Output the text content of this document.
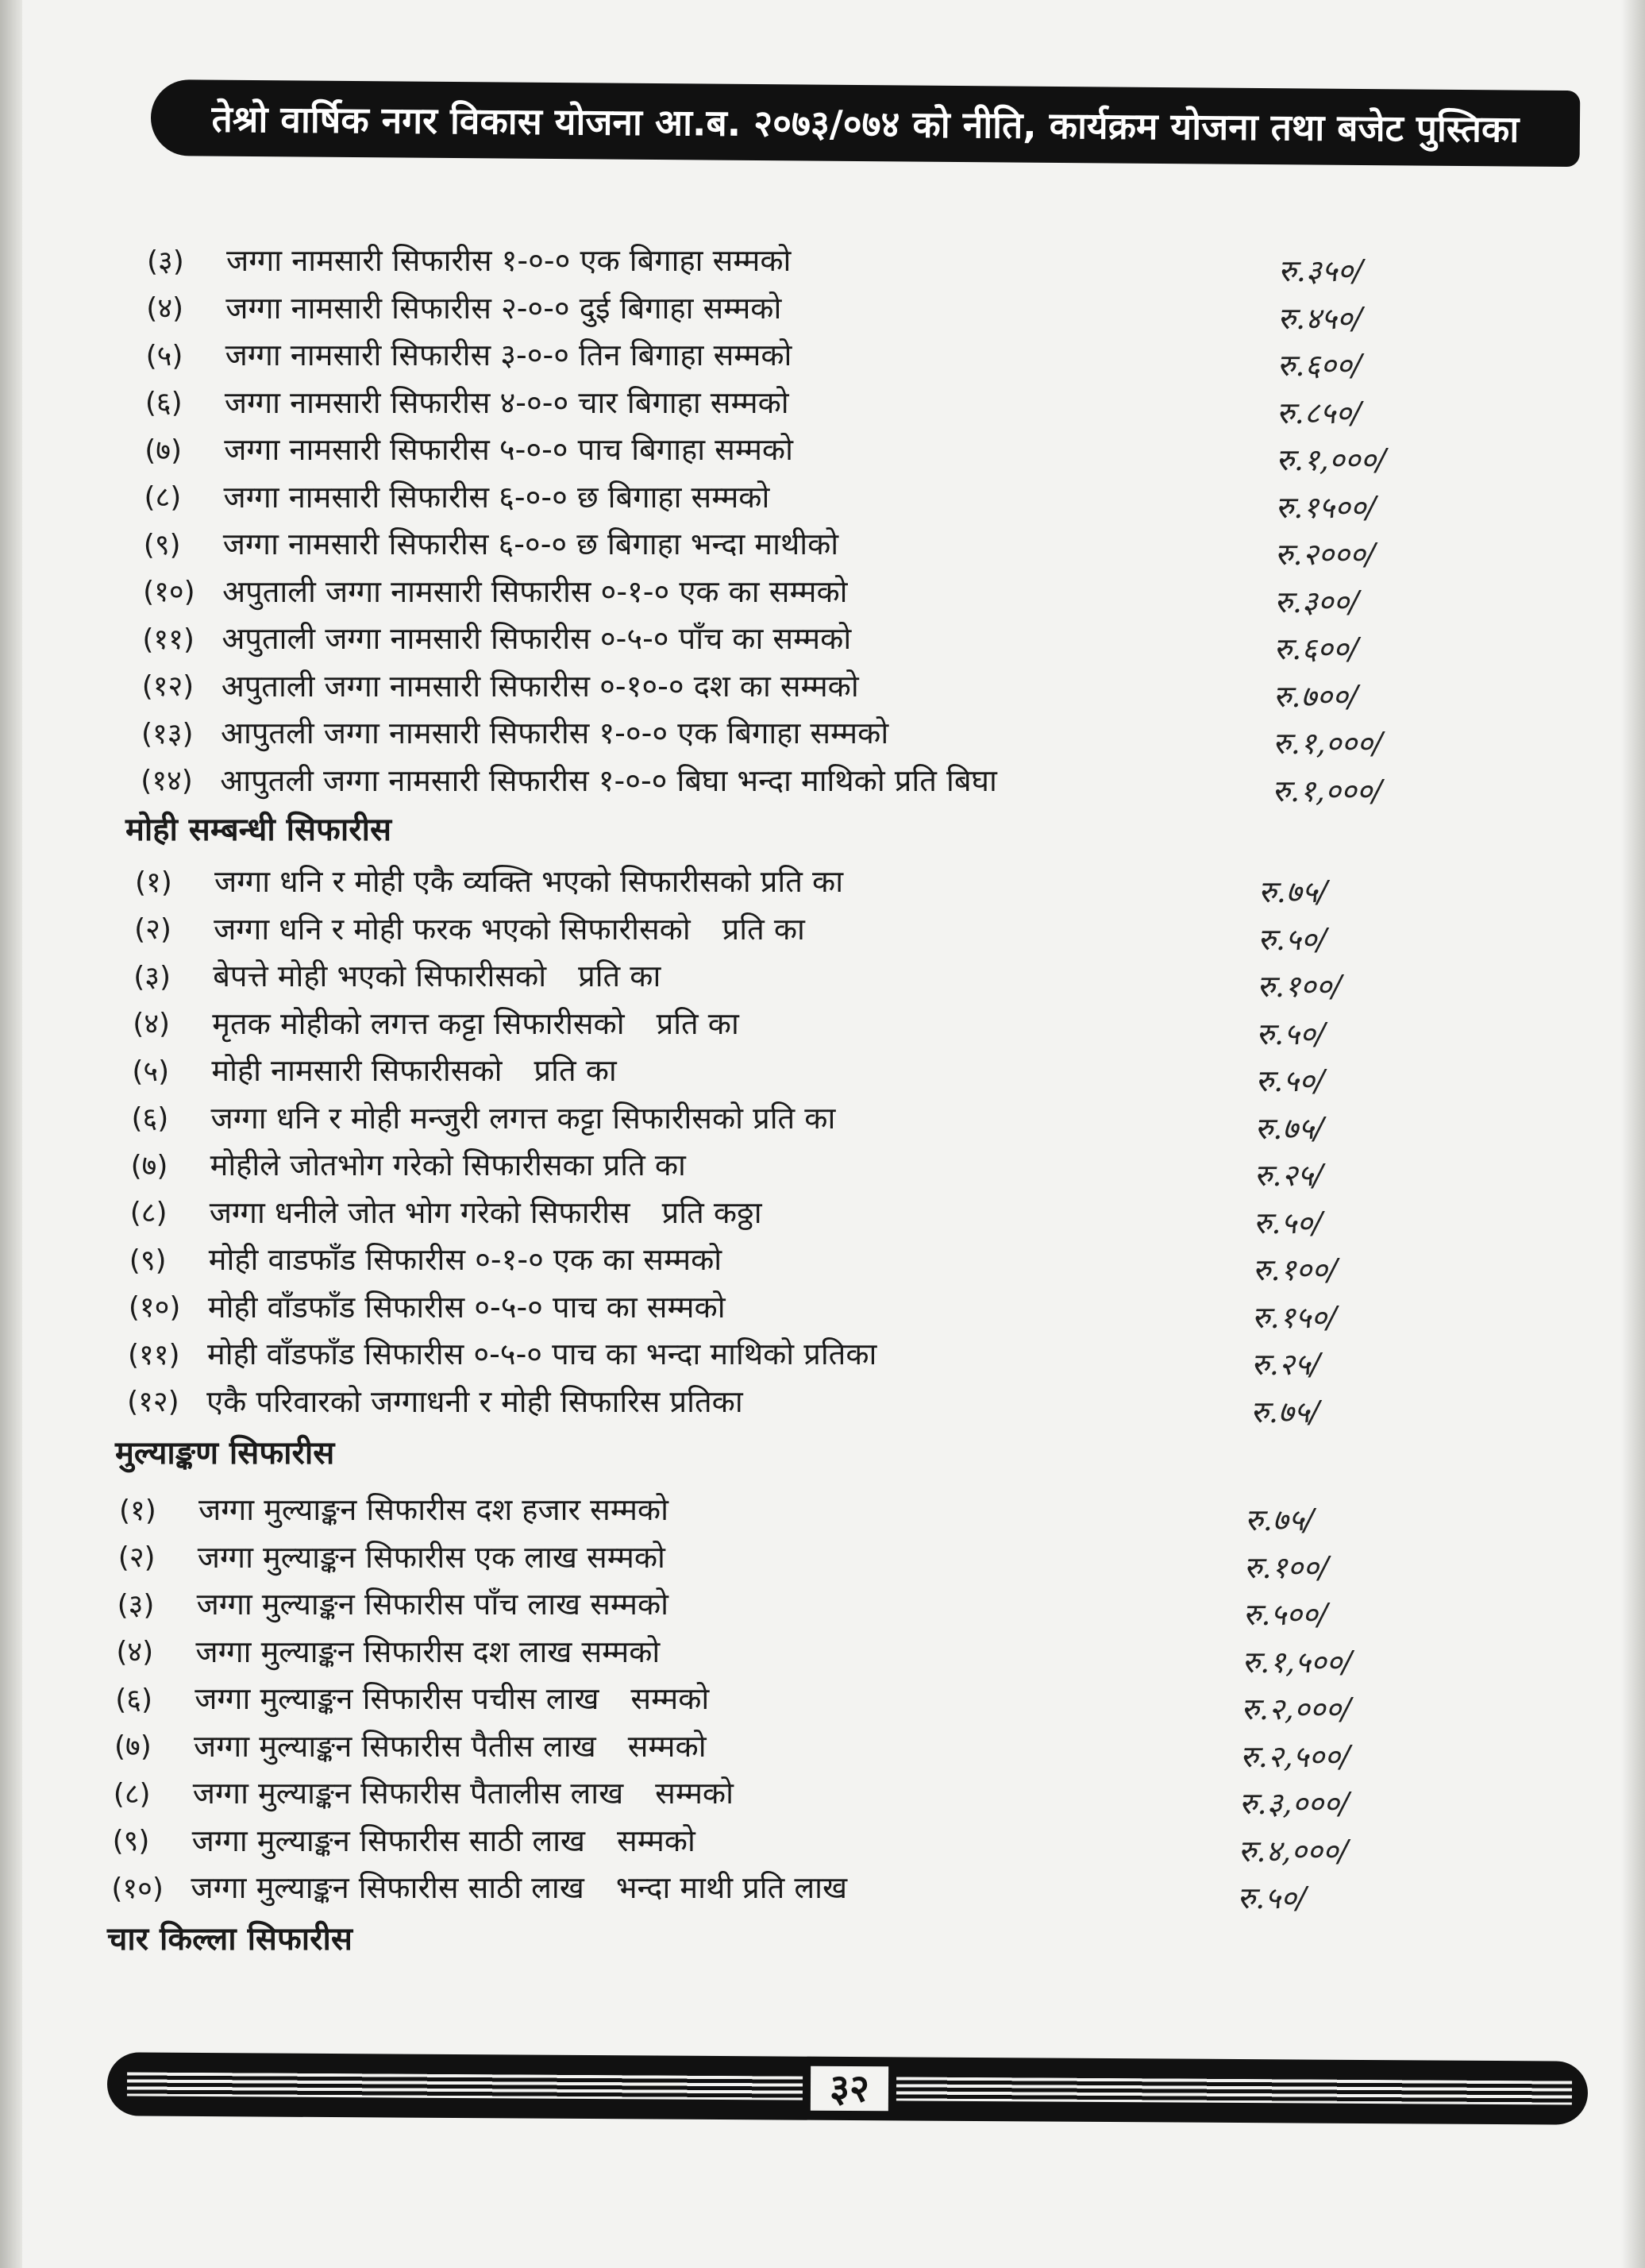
तेश्रो वार्षिक नगर विकास योजना आ.ब. २०७३/०७४ को नीति, कार्यक्रम योजना तथा बजेट पुस्तिका
(३)	जग्गा नामसारी सिफारीस १-०-० एक बिगाहा सम्मको	रु.३५०/
(४)	जग्गा नामसारी सिफारीस २-०-० दुई बिगाहा सम्मको	रु.४५०/
(५)	जग्गा नामसारी सिफारीस ३-०-० तिन बिगाहा सम्मको	रु.६००/
(६)	जग्गा नामसारी सिफारीस ४-०-० चार बिगाहा सम्मको	रु.८५०/
(७)	जग्गा नामसारी सिफारीस ५-०-० पाच बिगाहा सम्मको	रु.१,०००/
(८)	जग्गा नामसारी सिफारीस ६-०-० छ बिगाहा सम्मको	रु.१५००/
(९)	जग्गा नामसारी सिफारीस ६-०-० छ बिगाहा भन्दा माथीको	रु.२०००/
(१०) अपुताली जग्गा नामसारी सिफारीस ०-१-० एक का सम्मको	रु.३००/
(११) अपुताली जग्गा नामसारी सिफारीस ०-५-० पाँच का सम्मको	रु.६००/
(१२) अपुताली जग्गा नामसारी सिफारीस ०-१०-० दश का सम्मको	रु.७००/
(१३) आपुतली जग्गा नामसारी सिफारीस १-०-० एक बिगाहा सम्मको	रु.१,०००/
(१४) आपुतली जग्गा नामसारी सिफारीस १-०-० बिघा भन्दा माथिको प्रति बिघा	रु.१,०००/
मोही सम्बन्धी सिफारीस
(१)	जग्गा धनि र मोही एकै व्यक्ति भएको सिफारीसको प्रति का	रु.७५/
(२)	जग्गा धनि र मोही फरक भएको सिफारीसको प्रति का	रु.५०/
(३)	बेपत्ते मोही भएको सिफारीसको प्रति का	रु.१००/
(४)	मृतक मोहीको लगत्त कट्टा सिफारीसको प्रति का	रु.५०/
(५)	मोही नामसारी सिफारीसको प्रति का	रु.५०/
(६)	जग्गा धनि र मोही मन्जुरी लगत्त कट्टा सिफारीसको प्रति का	रु.७५/
(७)	मोहीले जोतभोग गरेको सिफारीसका प्रति का	रु.२५/
(८)	जग्गा धनीले जोत भोग गरेको सिफारीस प्रति कठ्ठा	रु.५०/
(९)	मोही वाडफाँड सिफारीस ०-१-० एक का सम्मको	रु.१००/
(१०) मोही वाँडफाँड सिफारीस ०-५-० पाच का सम्मको	रु.१५०/
(११) मोही वाँडफाँड सिफारीस ०-५-० पाच का भन्दा माथिको प्रतिका	रु.२५/
(१२) एकै परिवारको जग्गाधनी र मोही सिफारिस प्रतिका	रु.७५/
मुल्याङ्कण सिफारीस
(१)	जग्गा मुल्याङ्कन सिफारीस दश हजार सम्मको	रु.७५/
(२)	जग्गा मुल्याङ्कन सिफारीस एक लाख सम्मको	रु.१००/
(३)	जग्गा मुल्याङ्कन सिफारीस पाँच लाख सम्मको	रु.५००/
(४)	जग्गा मुल्याङ्कन सिफारीस दश लाख सम्मको	रु.१,५००/
(६)	जग्गा मुल्याङ्कन सिफारीस पचीस लाख सम्मको	रु.२,०००/
(७)	जग्गा मुल्याङ्कन सिफारीस पैतीस लाख सम्मको	रु.२,५००/
(८)	जग्गा मुल्याङ्कन सिफारीस पैतालीस लाख सम्मको	रु.३,०००/
(९)	जग्गा मुल्याङ्कन सिफारीस साठी लाख सम्मको	रु.४,०००/
(१०) जग्गा मुल्याङ्कन सिफारीस साठी लाख भन्दा माथी प्रति लाख	रु.५०/
चार किल्ला सिफारीस
३२
